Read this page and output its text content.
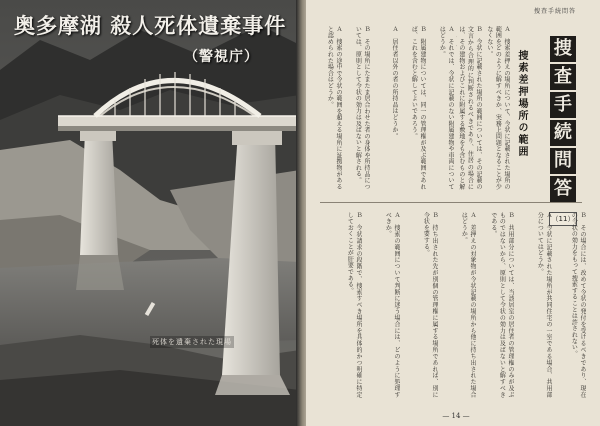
奥多摩湖 殺人死体遺棄事件
（警視庁）
死体を遺棄された現場
捜査手続問答
捜
査
手
続
問
答
（11）
捜索差押場所の範囲
Ａ　捜索差押えの場所について、令状に記載された場所の範囲をどのように解すべきか、実務上問題となることが少なくない。
Ｂ　令状に記載された場所の範囲については、その記載の文言から合理的に判断されるべきであり、住居の場合には、その建物およびこれに附属する敷地をも含むものと解
Ａ　それでは、令状に記載のない附属建物や車両についてはどうか。
Ｂ　附属建物については、同一の管理権が及ぶ範囲であれば、これを含むと解してよいであろう。
Ａ　居住者以外の者の所持品はどうか。
Ｂ　その場所にたまたま居合わせた者の身体や所持品については、原則として令状の効力は及ばないと解される。
Ａ　捜索の途中で令状の範囲を超える場所に証拠物があると認められた場合はどうか。
Ｂ　その場合には、改めて令状の発付を受けるべきであり、現在の令状の効力をもって捜索することは許されない。
Ａ　令状に記載された場所が共同住宅の一室である場合、共用部分についてはどうか。
Ｂ　共用部分については、当該居室の居住者の管理権のみが及ぶものではないから、原則として令状の効力は及ばないと解すべきである。
Ａ　差押えの対象物が令状記載の場所から他に持ち出された場合はどうか。
Ｂ　持ち出された先が別個の管理権に属する場所であれば、別に令状を要する。
Ａ　捜索の範囲について判断に迷う場合には、どのように処理すべきか。
Ｂ　令状請求の段階で、捜索すべき場所を具体的かつ明確に特定しておくことが肝要である。
— 14 —
